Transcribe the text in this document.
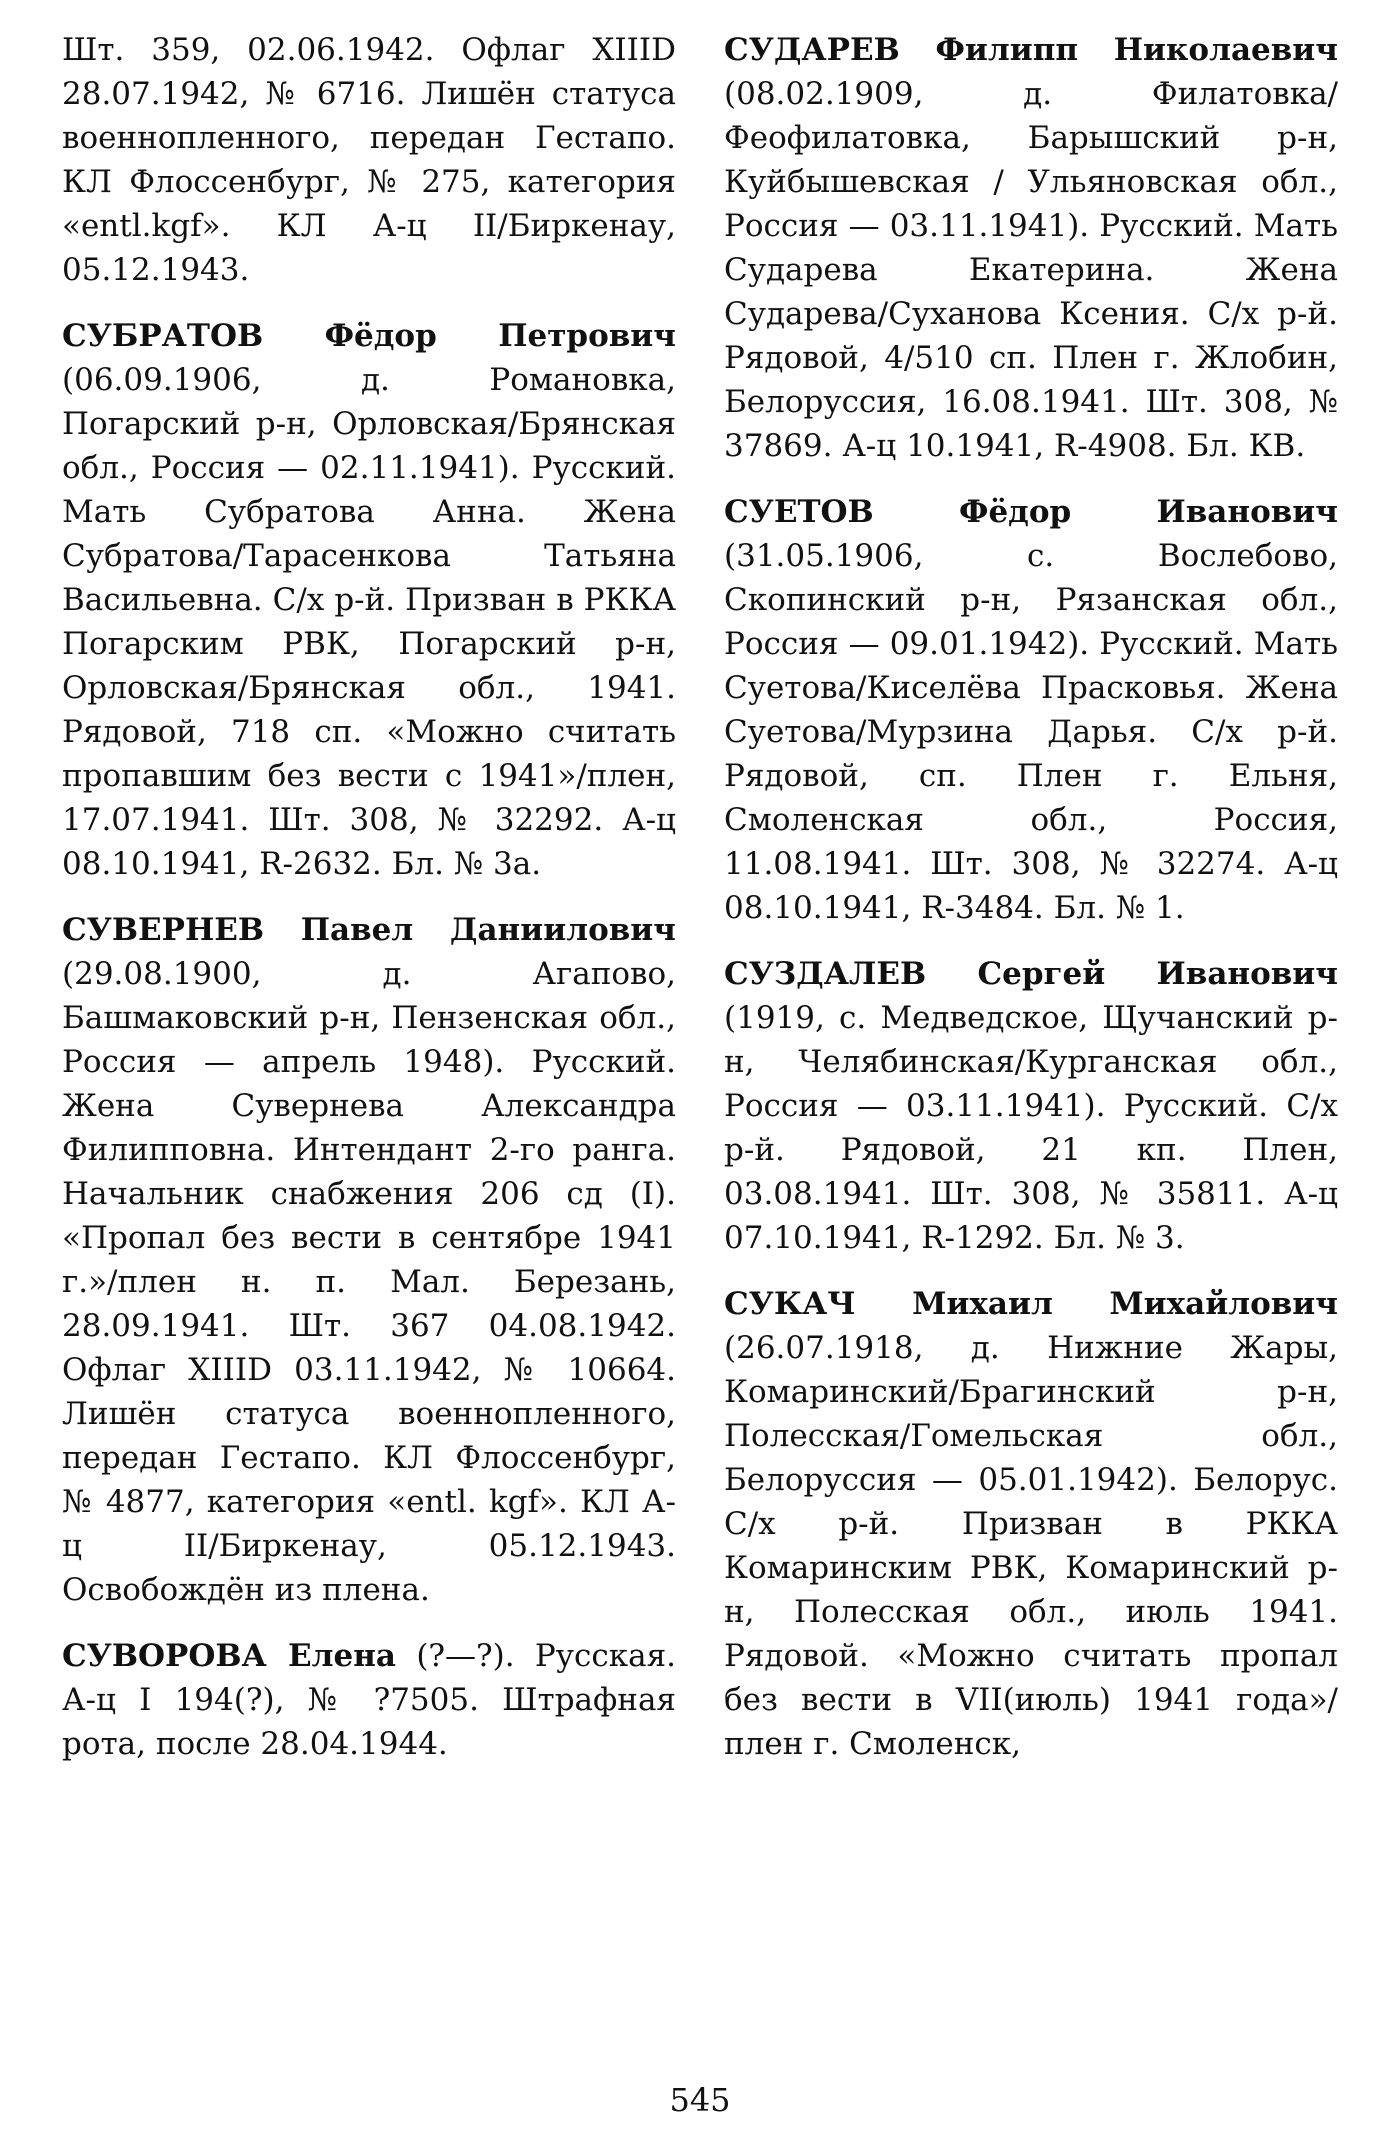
Шт. 359, 02.06.1942. Офлаг XIIID 28.07.1942, № 6716. Лишён статуса военнопленного, передан Гестапо. КЛ Флоссенбург, № 275, категория «entl.kgf». КЛ А-ц II/Биркенау, 05.12.1943.

СУБРАТОВ Фёдор Петрович (06.09.1906, д. Романовка, Погарский р-н, Орловская/Брянская обл., Россия — 02.11.1941). Русский. Мать Субратова Анна. Жена Субратова/Тарасенкова Татьяна Васильевна. С/х р-й. Призван в РККА Погарским РВК, Погарский р-н, Орловская/Брянская обл., 1941. Рядовой, 718 сп. «Можно считать пропавшим без вести с 1941»/плен, 17.07.1941. Шт. 308, № 32292. А-ц 08.10.1941, R-2632. Бл. № 3а.

СУВЕРНЕВ Павел Даниилович (29.08.1900, д. Агапово, Башмаковский р-н, Пензенская обл., Россия — апрель 1948). Русский. Жена Сувернева Александра Филипповна. Интендант 2-го ранга. Начальник снабжения 206 сд (I). «Пропал без вести в сентябре 1941 г.»/плен н. п. Мал. Березань, 28.09.1941. Шт. 367 04.08.1942. Офлаг XIIID 03.11.1942, № 10664. Лишён статуса военнопленного, передан Гестапо. КЛ Флоссенбург, № 4877, категория «entl. kgf». КЛ А-ц II/Биркенау, 05.12.1943. Освобождён из плена.

СУВОРОВА Елена (?—?). Русская. А-ц I 194(?), № ?7505. Штрафная рота, после 28.04.1944.

СУДАРЕВ Филипп Николаевич (08.02.1909, д. Филатовка/Феофилатовка, Барышский р-н, Куйбышевская / Ульяновская обл., Россия — 03.11.1941). Русский. Мать Сударева Екатерина. Жена Сударева/Суханова Ксения. С/х р-й. Рядовой, 4/510 сп. Плен г. Жлобин, Белоруссия, 16.08.1941. Шт. 308, № 37869. А-ц 10.1941, R-4908. Бл. КВ.

СУЕТОВ Фёдор Иванович (31.05.1906, с. Вослебово, Скопинский р-н, Рязанская обл., Россия — 09.01.1942). Русский. Мать Суетова/Киселёва Прасковья. Жена Суетова/Мурзина Дарья. С/х р-й. Рядовой, сп. Плен г. Ельня, Смоленская обл., Россия, 11.08.1941. Шт. 308, № 32274. А-ц 08.10.1941, R-3484. Бл. № 1.

СУЗДАЛЕВ Сергей Иванович (1919, с. Медведское, Щучанский р-н, Челябинская/Курганская обл., Россия — 03.11.1941). Русский. С/х р-й. Рядовой, 21 кп. Плен, 03.08.1941. Шт. 308, № 35811. А-ц 07.10.1941, R-1292. Бл. № 3.

СУКАЧ Михаил Михайлович (26.07.1918, д. Нижние Жары, Комаринский/Брагинский р-н, Полесская/Гомельская обл., Белоруссия — 05.01.1942). Белорус. С/х р-й. Призван в РККА Комаринским РВК, Комаринский р-н, Полесская обл., июль 1941. Рядовой. «Можно считать пропал без вести в VII(июль) 1941 года»/плен г. Смоленск,

545
